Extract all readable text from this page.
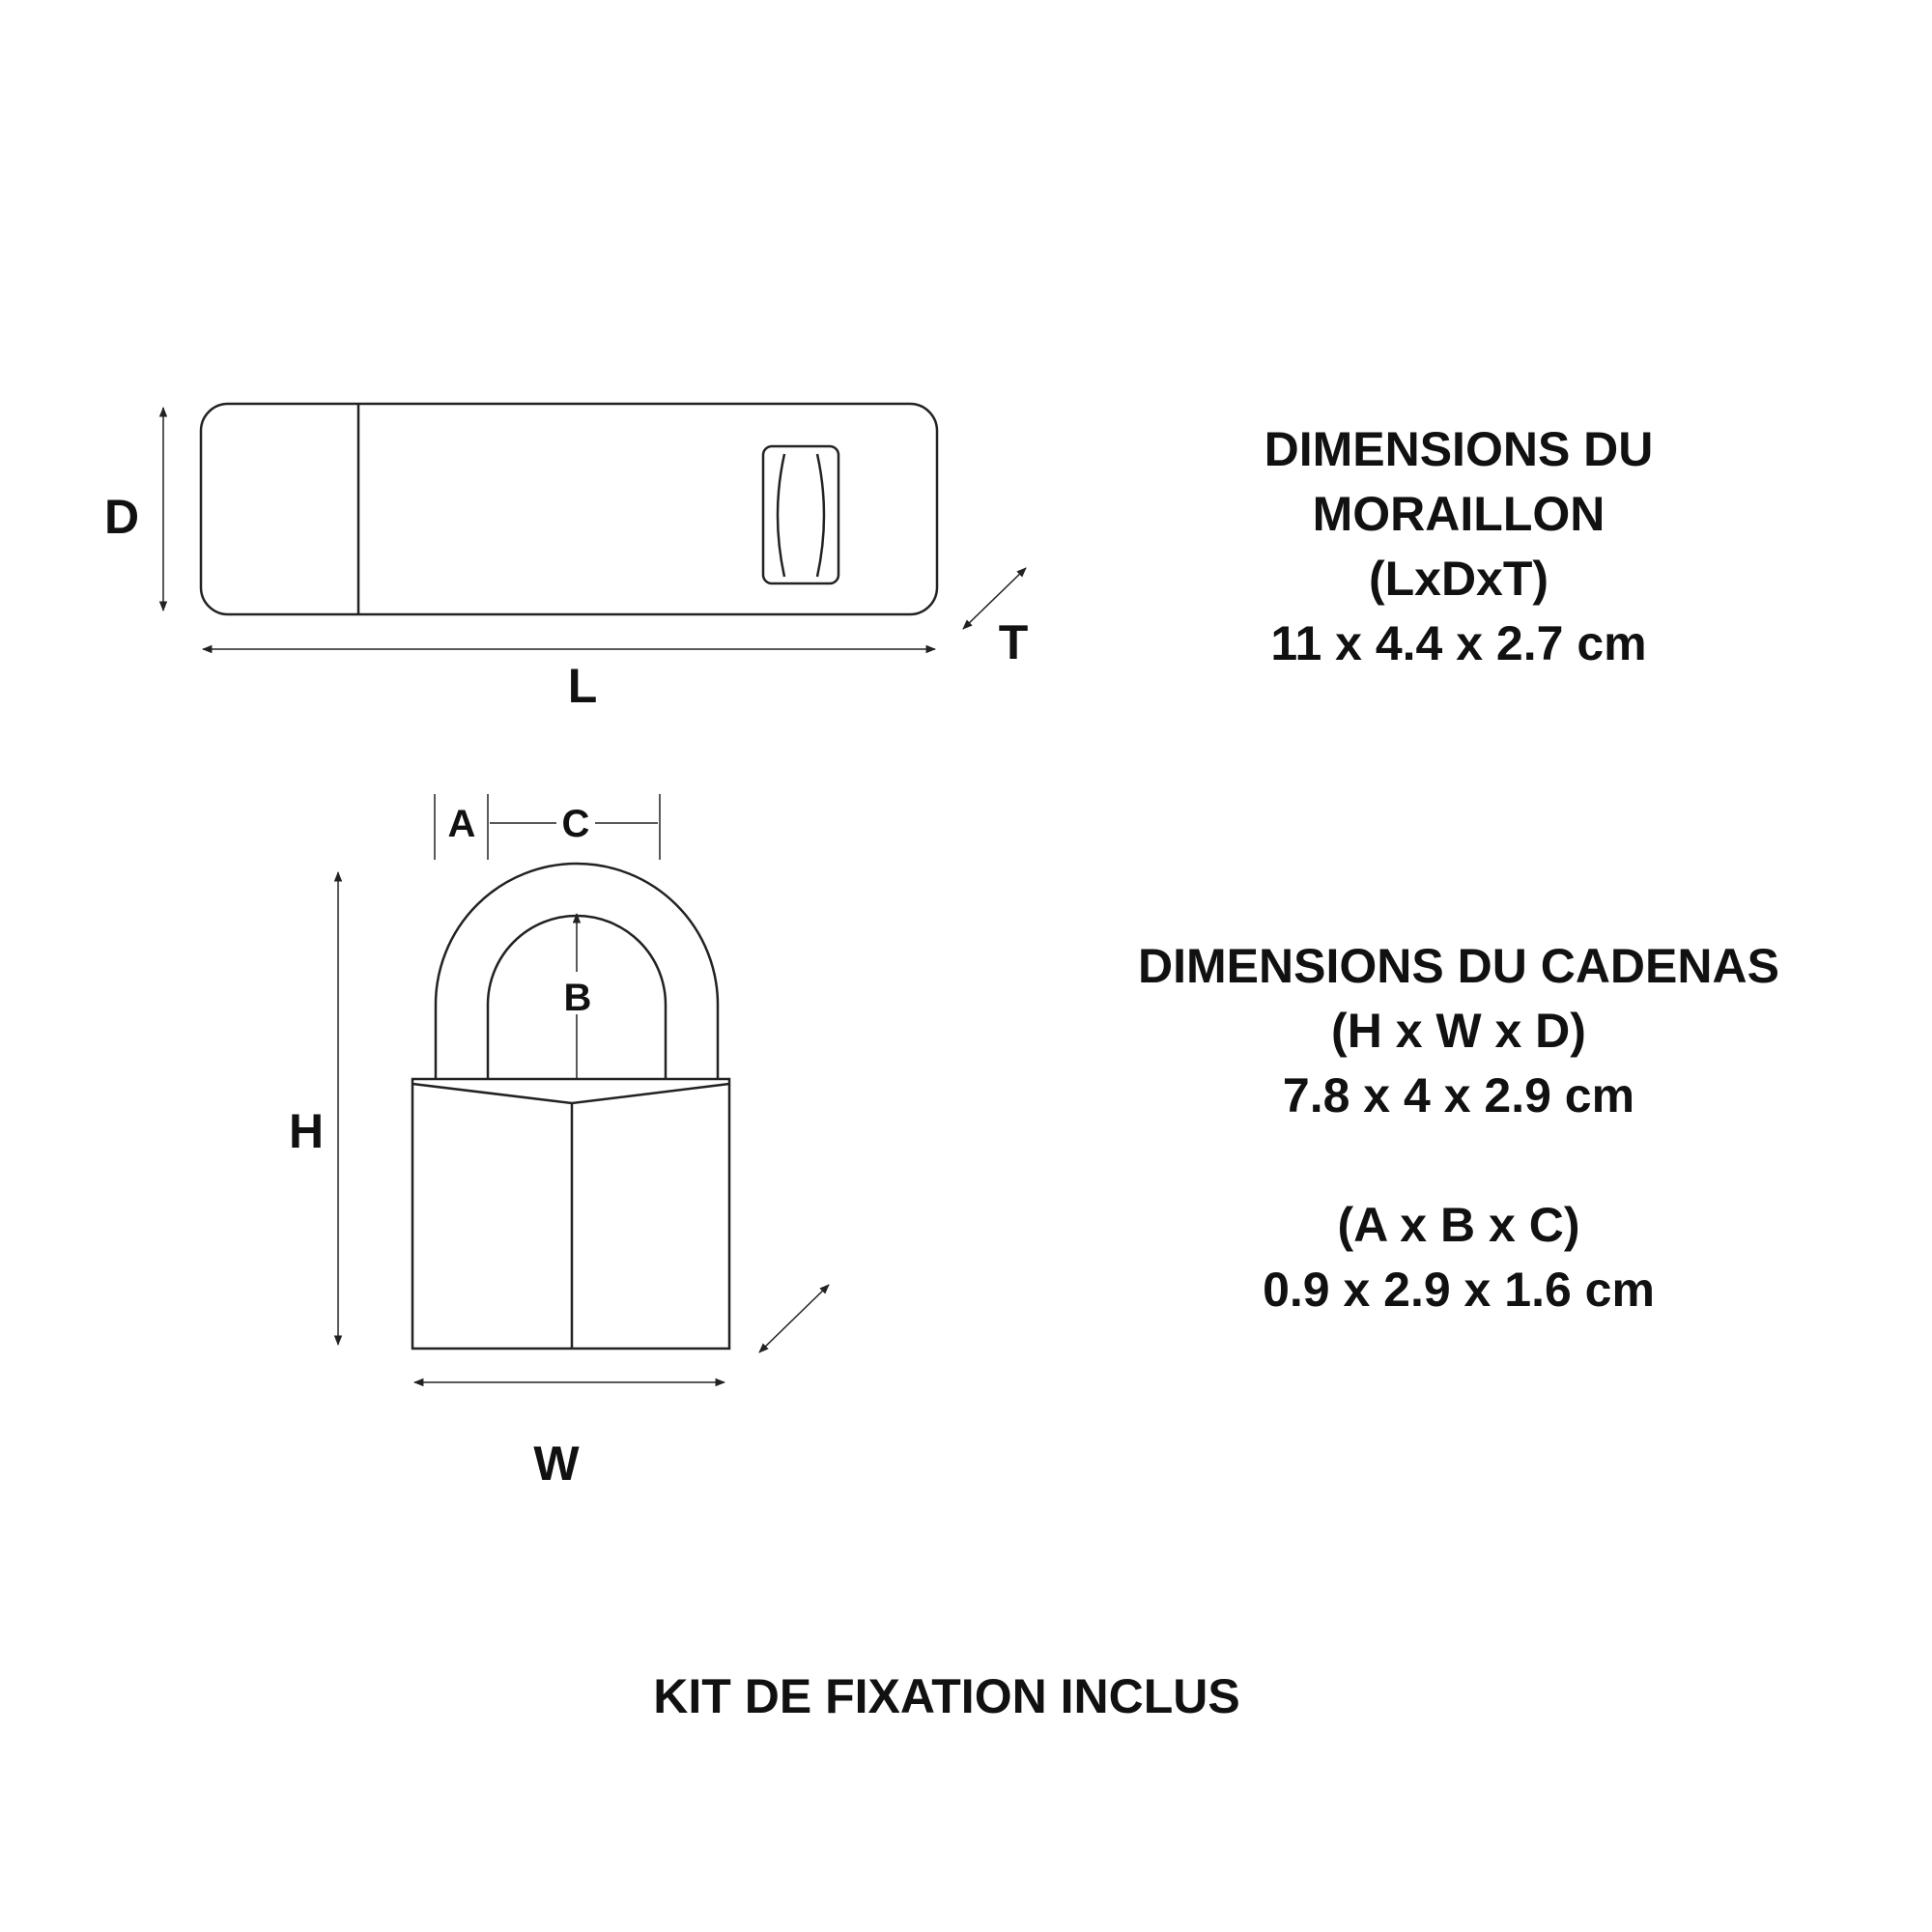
D
L
T
A C
B
H
W
DIMENSIONS DU
MORAILLON
(LxDxT)
11 x 4.4 x 2.7 cm
DIMENSIONS DU CADENAS
(H x W x D)
7.8 x 4 x 2.9 cm
(A x B x C)
0.9 x 2.9 x 1.6 cm
KIT DE FIXATION INCLUS
